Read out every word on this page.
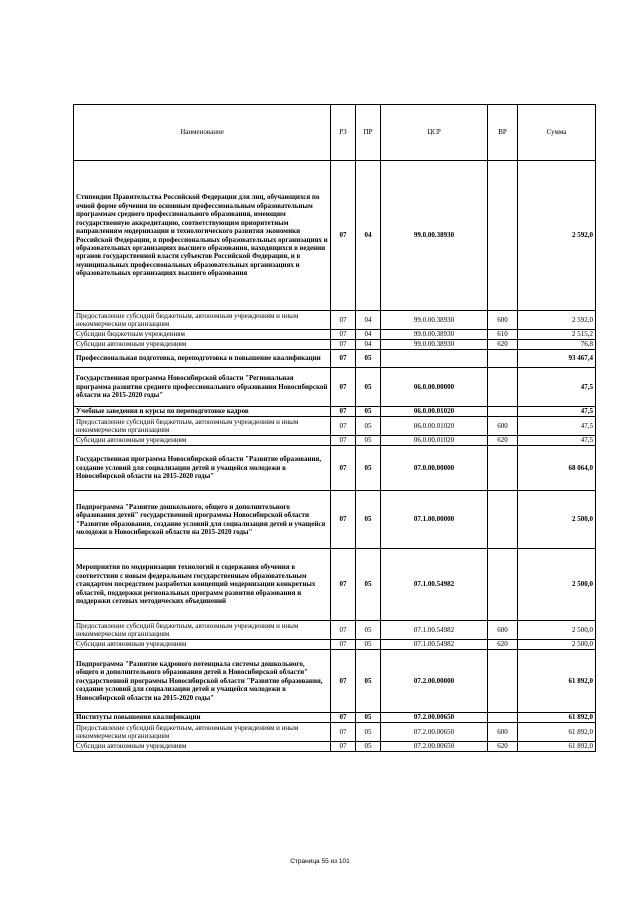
Наименование	РЗ	ПР	ЦСР	ВР	Сумма
Стипендии Правительства Российской Федерации для лиц, обучающихся по очной форме обучения по основным профессиональным образовательным программам среднего профессионального образования, имеющим государственную аккредитацию, соответствующим приоритетным направлениям модернизации и технологического развития экономики Российской Федерации, в профессиональных образовательных организациях и образовательных организациях высшего образования, находящихся в ведении органов государственной власти субъектов Российской Федерации, и в муниципальных профессиональных образовательных организациях и образовательных организациях высшего образования	07	04	99.0.00.38930		2 592,0
Предоставление субсидий бюджетным, автономным учреждениям и иным некоммерческим организациям	07	04	99.0.00.38930	600	2 592,0
Субсидии бюджетным учреждениям	07	04	99.0.00.38930	610	2 515,2
Субсидии автономным учреждениям	07	04	99.0.00.38930	620	76,8
Профессиональная подготовка, переподготовка и повышение квалификации	07	05			93 467,4
Государственная программа Новосибирской области "Региональная программа развития среднего профессионального образования Новосибирской области на 2015-2020 годы"	07	05	06.0.00.00000		47,5
Учебные заведения и курсы по переподготовке кадров	07	05	06.0.00.01020		47,5
Предоставление субсидий бюджетным, автономным учреждениям и иным некоммерческим организациям	07	05	06.0.00.01020	600	47,5
Субсидии автономным учреждениям	07	05	06.0.00.01020	620	47,5
Государственная программа Новосибирской области "Развитие образования, создание условий для социализации детей и учащейся молодежи в Новосибирской области на 2015-2020 годы"	07	05	07.0.00.00000		68 064,0
Подпрограмма "Развитие дошкольного, общего и дополнительного образования детей" государственной программы Новосибирской области "Развитие образования, создание условий для социализации детей и учащейся молодежи в Новосибирской области на 2015-2020 годы"	07	05	07.1.00.00000		2 500,0
Мероприятия по модернизации технологий и содержания обучения в соответствии с новым федеральным государственным образовательным стандартом посредством разработки концепций модернизации конкретных областей, поддержки региональных программ развития образования и поддержки сетевых методических объединений	07	05	07.1.00.54982		2 500,0
Предоставление субсидий бюджетным, автономным учреждениям и иным некоммерческим организациям	07	05	07.1.00.54982	600	2 500,0
Субсидии автономным учреждениям	07	05	07.1.00.54982	620	2 500,0
Подпрограмма "Развитие кадрового потенциала системы дошкольного, общего и дополнительного образования детей в Новосибирской области" государственной программы Новосибирской области "Развитие образования, создание условий для социализации детей и учащейся молодежи в Новосибирской области на 2015-2020 годы"	07	05	07.2.00.00000		61 892,0
Институты повышения квалификации	07	05	07.2.00.00650		61 892,0
Предоставление субсидий бюджетным, автономным учреждениям и иным некоммерческим организациям	07	05	07.2.00.00650	600	61 892,0
Субсидии автономным учреждениям	07	05	07.2.00.00650	620	61 892,0
Страница 55 из 101
